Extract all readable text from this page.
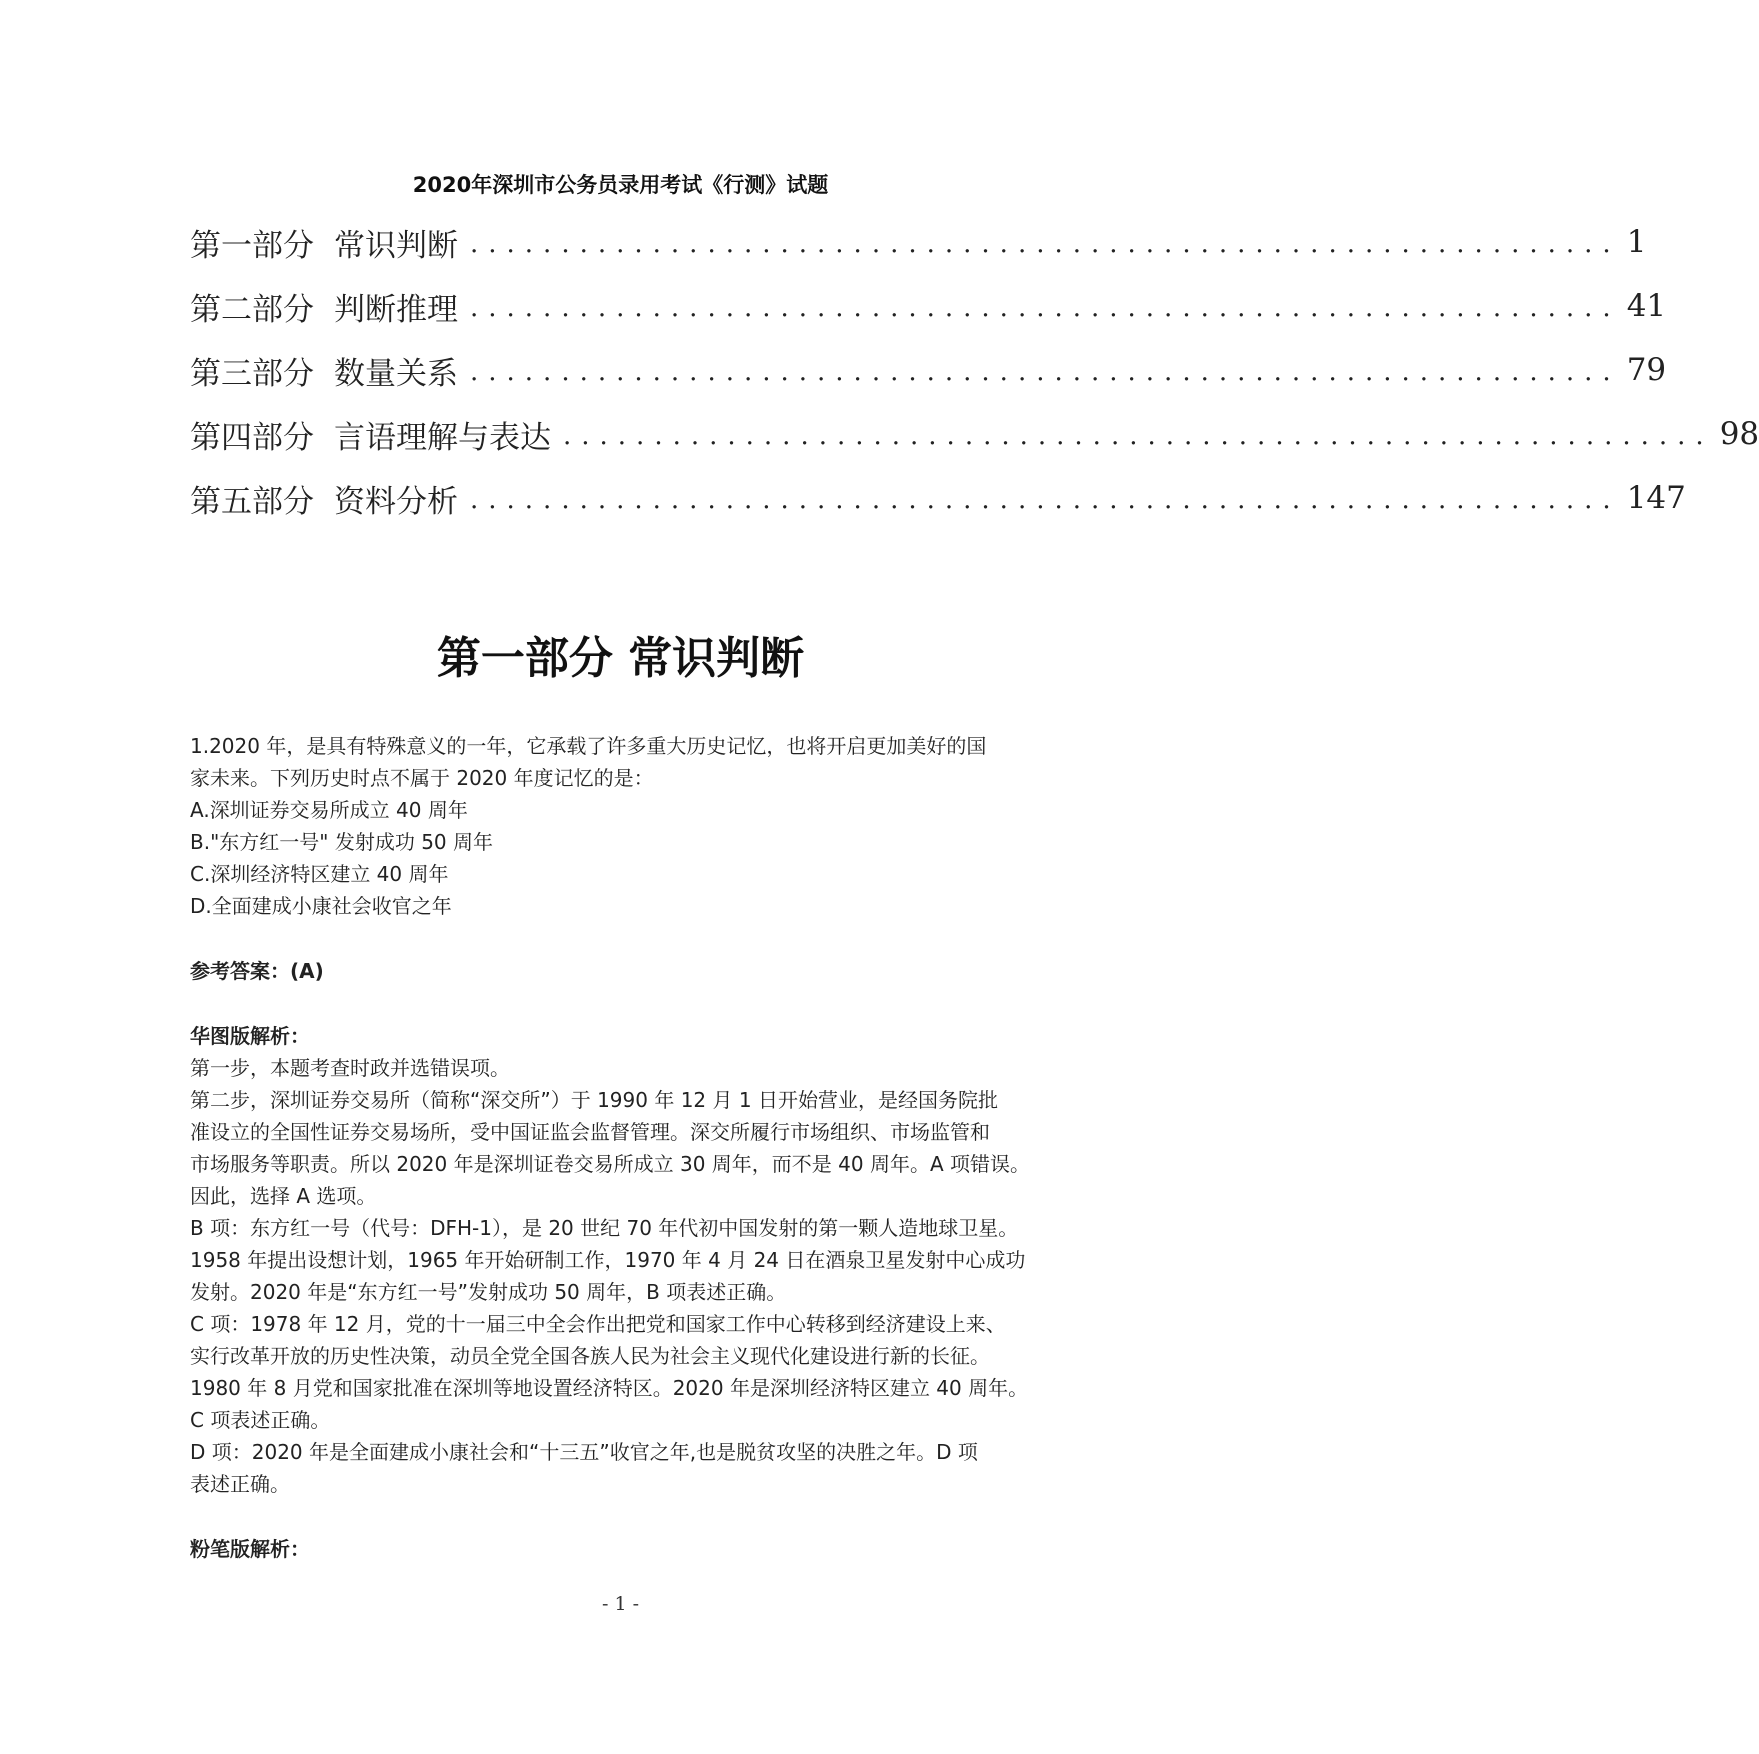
2020年深圳市公务员录用考试《行测》试题
第一部分 常识判断 ............................................................... 1
第二部分 判断推理 ............................................................... 41
第三部分 数量关系 ............................................................... 79
第四部分 言语理解与表达 ............................................................... 98
第五部分 资料分析 ............................................................... 147
第一部分 常识判断

1.2020 年，是具有特殊意义的一年，它承载了许多重大历史记忆，也将开启更加美好的国

家未来。下列历史时点不属于 2020 年度记忆的是：

A.深圳证券交易所成立 40 周年

B."东方红一号" 发射成功 50 周年

C.深圳经济特区建立 40 周年

D.全面建成小康社会收官之年

参考答案：(A)

华图版解析：

第一步，本题考查时政并选错误项。

第二步，深圳证券交易所（简称“深交所”）于 1990 年 12 月 1 日开始营业，是经国务院批

准设立的全国性证券交易场所，受中国证监会监督管理。深交所履行市场组织、市场监管和

市场服务等职责。所以 2020 年是深圳证卷交易所成立 30 周年，而不是 40 周年。A 项错误。

因此，选择 A 选项。

B 项：东方红一号（代号：DFH-1），是 20 世纪 70 年代初中国发射的第一颗人造地球卫星。

1958 年提出设想计划，1965 年开始研制工作，1970 年 4 月 24 日在酒泉卫星发射中心成功

发射。2020 年是“东方红一号”发射成功 50 周年，B 项表述正确。

C 项：1978 年 12 月，党的十一届三中全会作出把党和国家工作中心转移到经济建设上来、

实行改革开放的历史性决策，动员全党全国各族人民为社会主义现代化建设进行新的长征。

1980 年 8 月党和国家批准在深圳等地设置经济特区。2020 年是深圳经济特区建立 40 周年。

C 项表述正确。

D 项：2020 年是全面建成小康社会和“十三五”收官之年,也是脱贫攻坚的决胜之年。D 项

表述正确。

粉笔版解析：

- 1 -
